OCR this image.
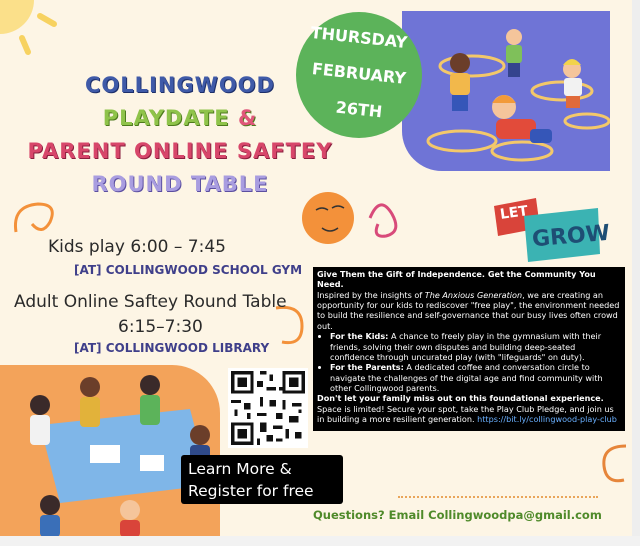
COLLINGWOOD
PLAYDATE &
PARENT ONLINE SAFTEY
ROUND TABLE
THURSDAY
FEBRUARY
26TH
LET
GROW
Kids play 6:00 – 7:45
[AT] COLLINGWOOD SCHOOL GYM
Adult Online Saftey Round Table
6:15–7:30
[AT] COLLINGWOOD LIBRARY

Give Them the Gift of Independence. Get the Community You Need.

Inspired by the insights of The Anxious Generation, we are creating an opportunity for our kids to rediscover "free play", the environment needed to build the resilience and self-governance that our busy lives often crowd out.

• For the Kids: A chance to freely play in the gymnasium with their friends, solving their own disputes and building deep-seated confidence through uncurated play (with "lifeguards" on duty).
• For the Parents: A dedicated coffee and conversation circle to navigate the challenges of the digital age and find community with other Collingwood parents.

Don't let your family miss out on this foundational experience. Space is limited! Secure your spot, take the Play Club Pledge, and join us in building a more resilient generation. https://bit.ly/collingwood-play-club

Learn More &
Register for free
Questions? Email Collingwoodpa@gmail.com
